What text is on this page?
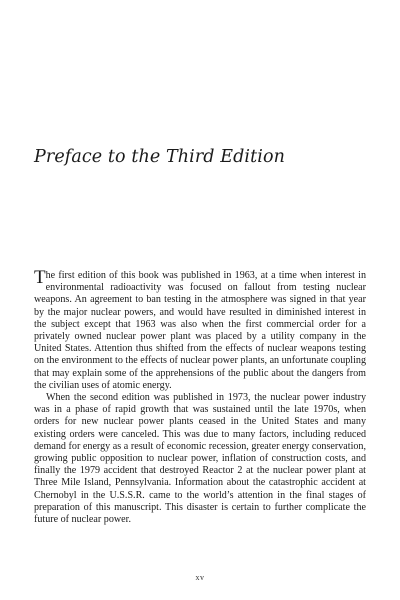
Preface to the Third Edition

The first edition of this book was published in 1963, at a time when interest in environmental radioactivity was focused on fallout from testing nuclear weapons. An agreement to ban testing in the atmosphere was signed in that year by the major nuclear powers, and would have resulted in diminished interest in the subject except that 1963 was also when the first commercial order for a privately owned nuclear power plant was placed by a utility company in the United States. Attention thus shifted from the effects of nuclear weapons testing on the environment to the effects of nuclear power plants, an unfortunate coupling that may explain some of the apprehensions of the public about the dangers from the civilian uses of atomic energy.

When the second edition was published in 1973, the nuclear power industry was in a phase of rapid growth that was sustained until the late 1970s, when orders for new nuclear power plants ceased in the United States and many existing orders were canceled. This was due to many factors, including reduced demand for energy as a result of economic recession, greater energy conservation, growing public opposition to nuclear power, inflation of construction costs, and finally the 1979 accident that destroyed Reactor 2 at the nuclear power plant at Three Mile Island, Pennsylvania. Information about the catastrophic accident at Chernobyl in the U.S.S.R. came to the world’s attention in the final stages of preparation of this manuscript. This disaster is certain to further complicate the future of nuclear power.

xv
